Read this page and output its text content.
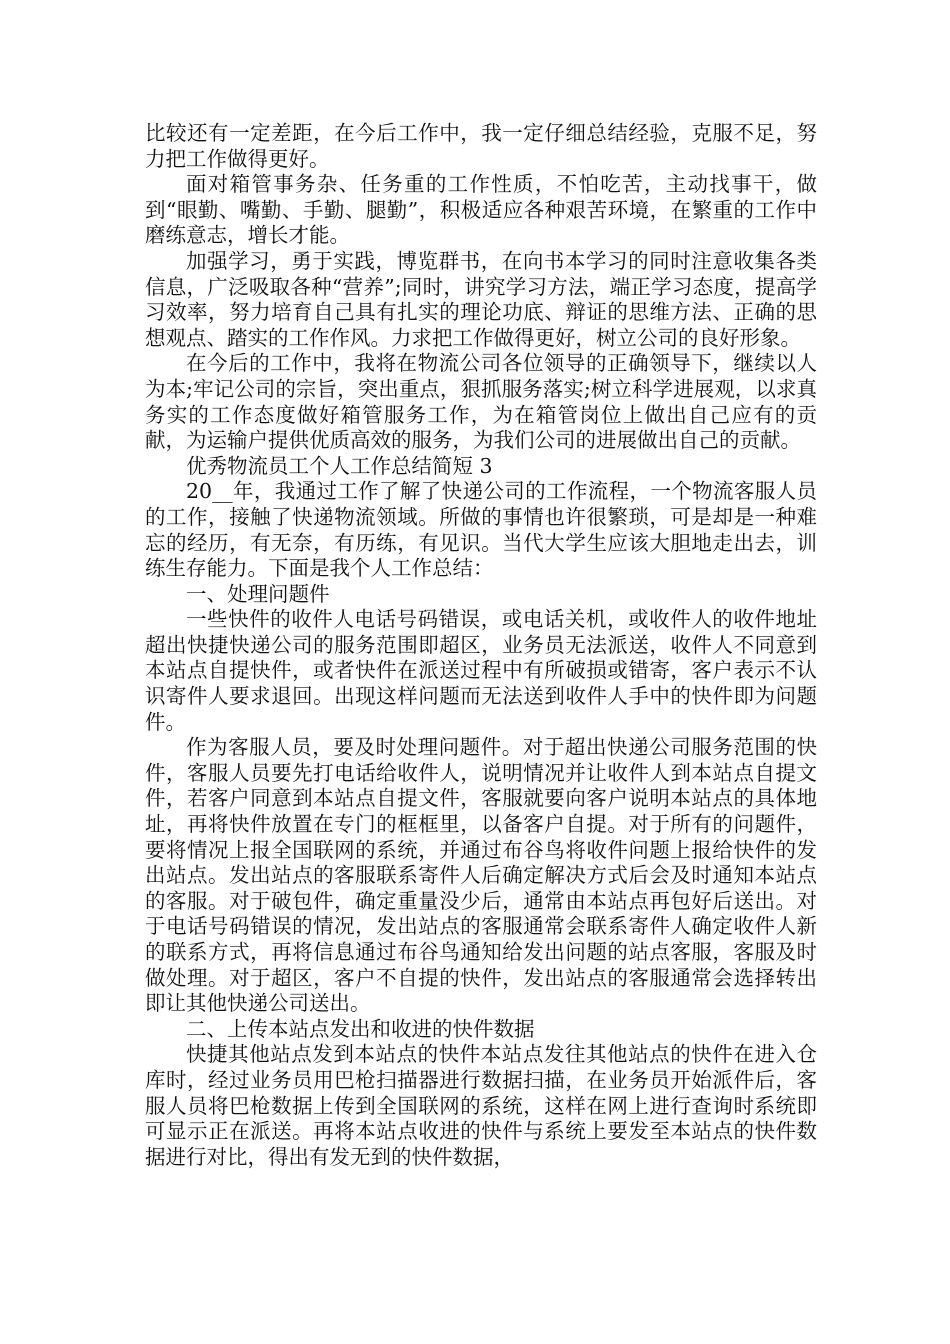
比较还有一定差距，在今后工作中，我一定仔细总结经验，克服不足，努力把工作做得更好。

面对箱管事务杂、任务重的工作性质，不怕吃苦，主动找事干，做到“眼勤、嘴勤、手勤、腿勤”，积极适应各种艰苦环境，在繁重的工作中磨练意志，增长才能。

加强学习，勇于实践，博览群书，在向书本学习的同时注意收集各类信息，广泛吸取各种“营养”;同时，讲究学习方法，端正学习态度，提高学习效率，努力培育自己具有扎实的理论功底、辩证的思维方法、正确的思想观点、踏实的工作作风。力求把工作做得更好，树立公司的良好形象。

在今后的工作中，我将在物流公司各位领导的正确领导下，继续以人为本;牢记公司的宗旨，突出重点，狠抓服务落实;树立科学进展观，以求真务实的工作态度做好箱管服务工作，为在箱管岗位上做出自己应有的贡献，为运输户提供优质高效的服务，为我们公司的进展做出自己的贡献。

优秀物流员工个人工作总结简短 3

20__年，我通过工作了解了快递公司的工作流程，一个物流客服人员的工作，接触了快递物流领域。所做的事情也许很繁琐，可是却是一种难忘的经历，有无奈，有历练，有见识。当代大学生应该大胆地走出去，训练生存能力。下面是我个人工作总结：

一、处理问题件

一些快件的收件人电话号码错误，或电话关机，或收件人的收件地址超出快捷快递公司的服务范围即超区，业务员无法派送，收件人不同意到本站点自提快件，或者快件在派送过程中有所破损或错寄，客户表示不认识寄件人要求退回。出现这样问题而无法送到收件人手中的快件即为问题件。

作为客服人员，要及时处理问题件。对于超出快递公司服务范围的快件，客服人员要先打电话给收件人，说明情况并让收件人到本站点自提文件，若客户同意到本站点自提文件，客服就要向客户说明本站点的具体地址，再将快件放置在专门的框框里，以备客户自提。对于所有的问题件，要将情况上报全国联网的系统，并通过布谷鸟将收件问题上报给快件的发出站点。发出站点的客服联系寄件人后确定解决方式后会及时通知本站点的客服。对于破包件，确定重量没少后，通常由本站点再包好后送出。对于电话号码错误的情况，发出站点的客服通常会联系寄件人确定收件人新的联系方式，再将信息通过布谷鸟通知给发出问题的站点客服，客服及时做处理。对于超区，客户不自提的快件，发出站点的客服通常会选择转出即让其他快递公司送出。

二、上传本站点发出和收进的快件数据

快捷其他站点发到本站点的快件本站点发往其他站点的快件在进入仓库时，经过业务员用巴枪扫描器进行数据扫描，在业务员开始派件后，客服人员将巴枪数据上传到全国联网的系统，这样在网上进行查询时系统即可显示正在派送。再将本站点收进的快件与系统上要发至本站点的快件数据进行对比，得出有发无到的快件数据，
